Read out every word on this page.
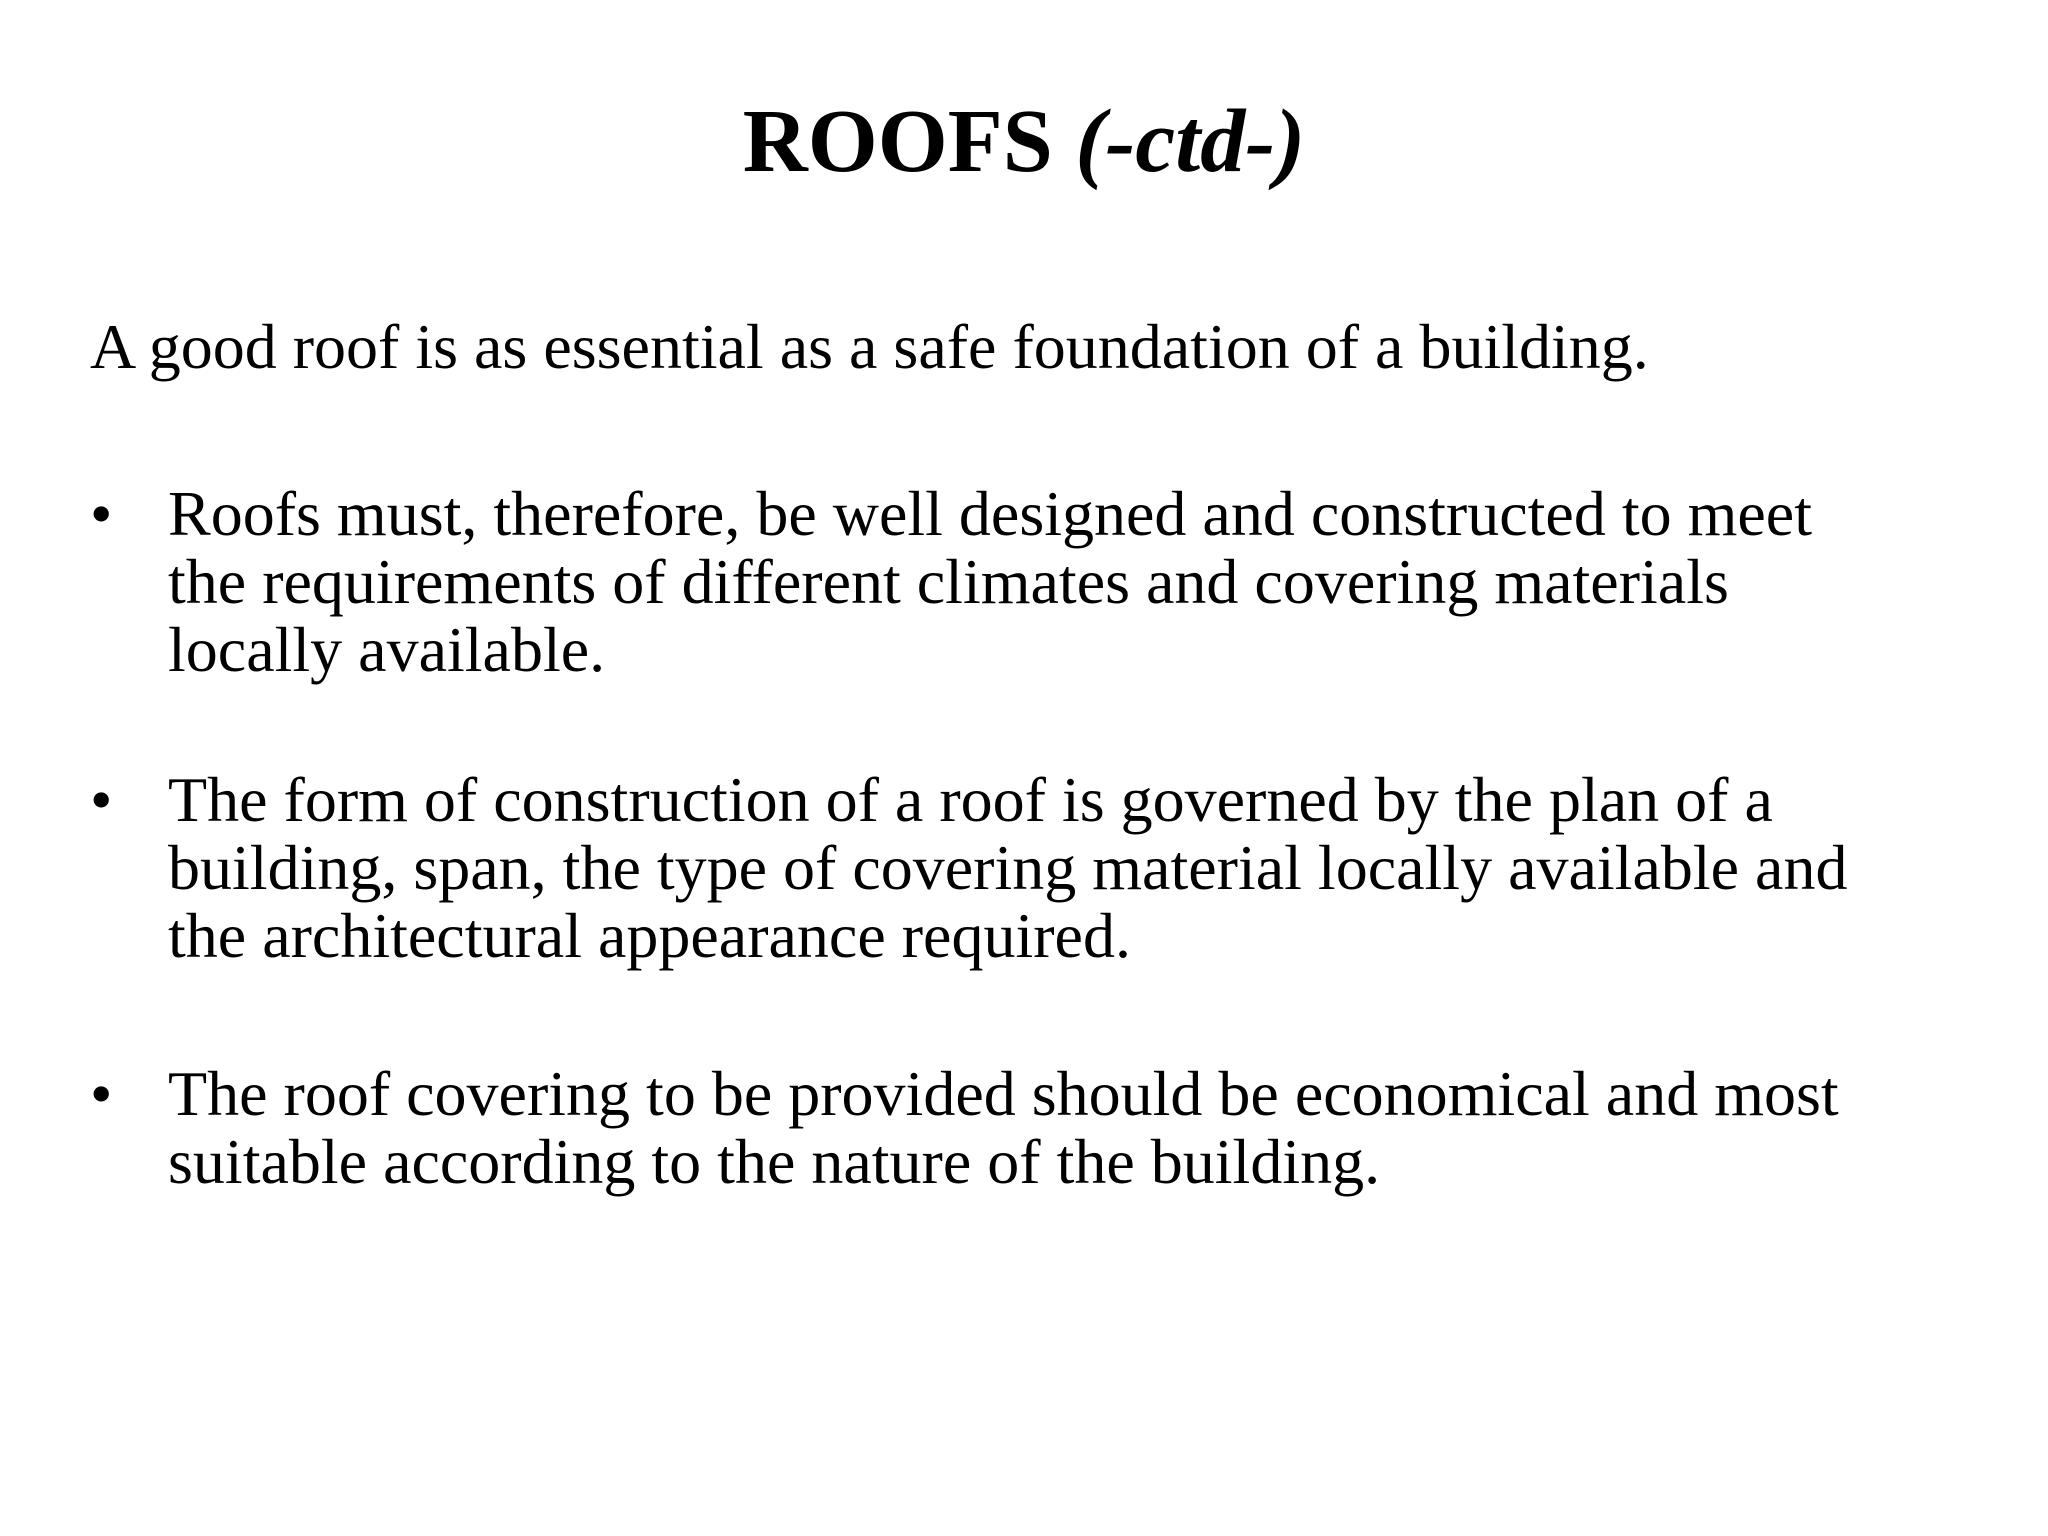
ROOFS (-ctd-)
A good roof is as essential as a safe foundation of a building.
• Roofs must, therefore, be well designed and constructed to meet
the requirements of different climates and covering materials
locally available.
• The form of construction of a roof is governed by the plan of a
building, span, the type of covering material locally available and
the architectural appearance required.
• The roof covering to be provided should be economical and most
suitable according to the nature of the building.
